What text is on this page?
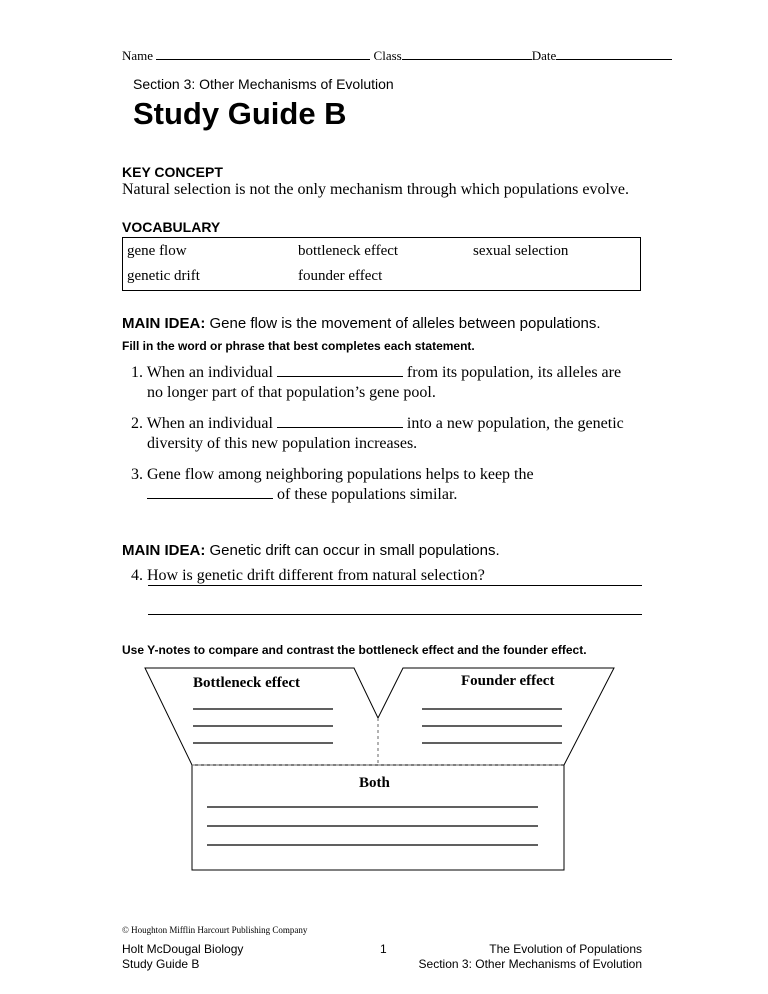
Name	Class	Date
Section 3: Other Mechanisms of Evolution
Study Guide B
KEY CONCEPT
Natural selection is not the only mechanism through which populations evolve.
VOCABULARY
gene flow	bottleneck effect	sexual selection
genetic drift	founder effect
MAIN IDEA: Gene flow is the movement of alleles between populations.
Fill in the word or phrase that best completes each statement.
1. When an individual	from its population, its alleles are
no longer part of that population’s gene pool.
2. When an individual	into a new population, the genetic
diversity of this new population increases.
3. Gene flow among neighboring populations helps to keep the
of these populations similar.
MAIN IDEA: Genetic drift can occur in small populations.
4. How is genetic drift different from natural selection?
Use Y-notes to compare and contrast the bottleneck effect and the founder effect.
Bottleneck effect	Founder effect
Both
© Houghton Mifflin Harcourt Publishing Company
Holt McDougal Biology
Study Guide B
1	The Evolution of Populations
Section 3: Other Mechanisms of Evolution
